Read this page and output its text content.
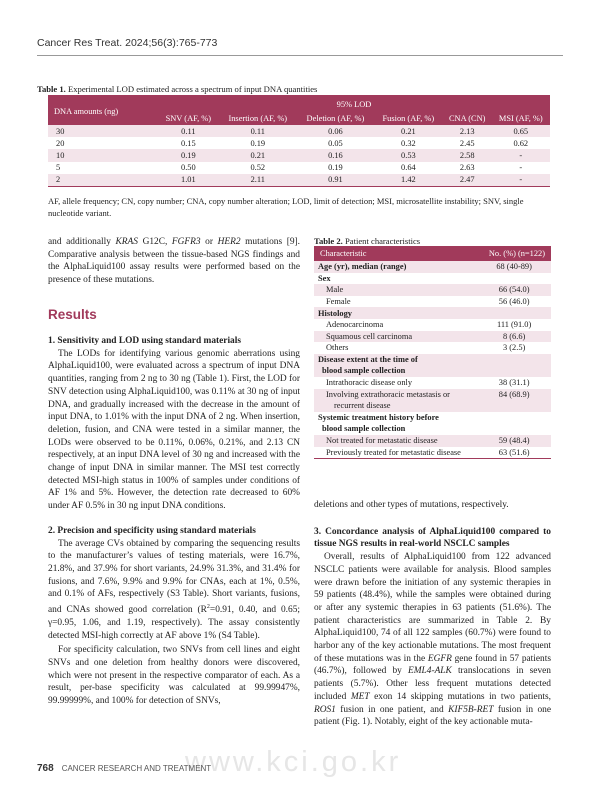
Cancer Res Treat. 2024;56(3):765-773
Table 1. Experimental LOD estimated across a spectrum of input DNA quantities
DNA amounts (ng)	95% LOD					
	SNV (AF, %)	Insertion (AF, %)	Deletion (AF, %)	Fusion (AF, %)	CNA (CN)	MSI (AF, %)
30	0.11	0.11	0.06	0.21	2.13	0.65
20	0.15	0.19	0.05	0.32	2.45	0.62
10	0.19	0.21	0.16	0.53	2.58	-
5	0.50	0.52	0.19	0.64	2.63	-
2	1.01	2.11	0.91	1.42	2.47	-
AF, allele frequency; CN, copy number; CNA, copy number alteration; LOD, limit of detection; MSI, microsatellite instability; SNV, single nucleotide variant.

and additionally KRAS G12C, FGFR3 or HER2 mutations [9]. Comparative analysis between the tissue-based NGS findings and the AlphaLiquid100 assay results were performed based on the presence of these mutations.

Results

1. Sensitivity and LOD using standard materials

The LODs for identifying various genomic aberrations using AlphaLiquid100, were evaluated across a spectrum of input DNA quantities, ranging from 2 ng to 30 ng (Table 1). First, the LOD for SNV detection using AlphaLiquid100, was 0.11% at 30 ng of input DNA, and gradually increased with the decrease in the amount of input DNA, to 1.01% with the input DNA of 2 ng. When insertion, deletion, fusion, and CNA were tested in a similar manner, the LODs were observed to be 0.11%, 0.06%, 0.21%, and 2.13 CN respectively, at an input DNA level of 30 ng and increased with the change of input DNA in similar manner. The MSI test correctly detected MSI-high status in 100% of samples under conditions of AF 1% and 5%. However, the detection rate decreased to 60% under AF 0.5% in 30 ng input DNA conditions.

2. Precision and specificity using standard materials

The average CVs obtained by comparing the sequencing results to the manufacturer’s values of testing materials, were 16.7%, 21.8%, and 37.9% for short variants, 24.9% 31.3%, and 31.4% for fusions, and 7.6%, 9.9% and 9.9% for CNAs, each at 1%, 0.5%, and 0.1% of AFs, respectively (S3 Table). Short variants, fusions, and CNAs showed good correlation ($R^2=0.91$, 0.40, and 0.65; γ=0.95, 1.06, and 1.19, respectively). The assay consistently detected MSI-high correctly at AF above 1% (S4 Table).

For specificity calculation, two SNVs from cell lines and eight SNVs and one deletion from healthy donors were discovered, which were not present in the respective comparator of each. As a result, per-base specificity was calculated at 99.99947%, 99.99999%, and 100% for detection of SNVs,

Table 2. Patient characteristics
Characteristic	No. (%) (n=122)
Age (yr), median (range)	68 (40-89)
Sex	
Male	66 (54.0)
Female	56 (46.0)
Histology	
Adenocarcinoma	111 (91.0)
Squamous cell carcinoma	8 (6.6)
Others	3 (2.5)
Disease extent at the time of	
blood sample collection	
Intrathoracic disease only	38 (31.1)
Involving extrathoracic metastasis or	84 (68.9)
recurrent disease	
Systemic treatment history before	
blood sample collection	
Not treated for metastatic disease	59 (48.4)
Previously treated for metastatic disease	63 (51.6)

deletions and other types of mutations, respectively.

3. Concordance analysis of AlphaLiquid100 compared to tissue NGS results in real-world NSCLC samples

Overall, results of AlphaLiquid100 from 122 advanced NSCLC patients were available for analysis. Blood samples were drawn before the initiation of any systemic therapies in 59 patients (48.4%), while the samples were obtained during or after any systemic therapies in 63 patients (51.6%). The patient characteristics are summarized in Table 2. By AlphaLiquid100, 74 of all 122 samples (60.7%) were found to harbor any of the key actionable mutations. The most frequent of these mutations was in the EGFR gene found in 57 patients (46.7%), followed by EML4-ALK translocations in seven patients (5.7%). Other less frequent mutations detected included MET exon 14 skipping mutations in two patients, ROS1 fusion in one patient, and KIF5B-RET fusion in one patient (Fig. 1). Notably, eight of the key actionable muta-

www.kci.go.kr
768 CANCER RESEARCH AND TREATMENT
